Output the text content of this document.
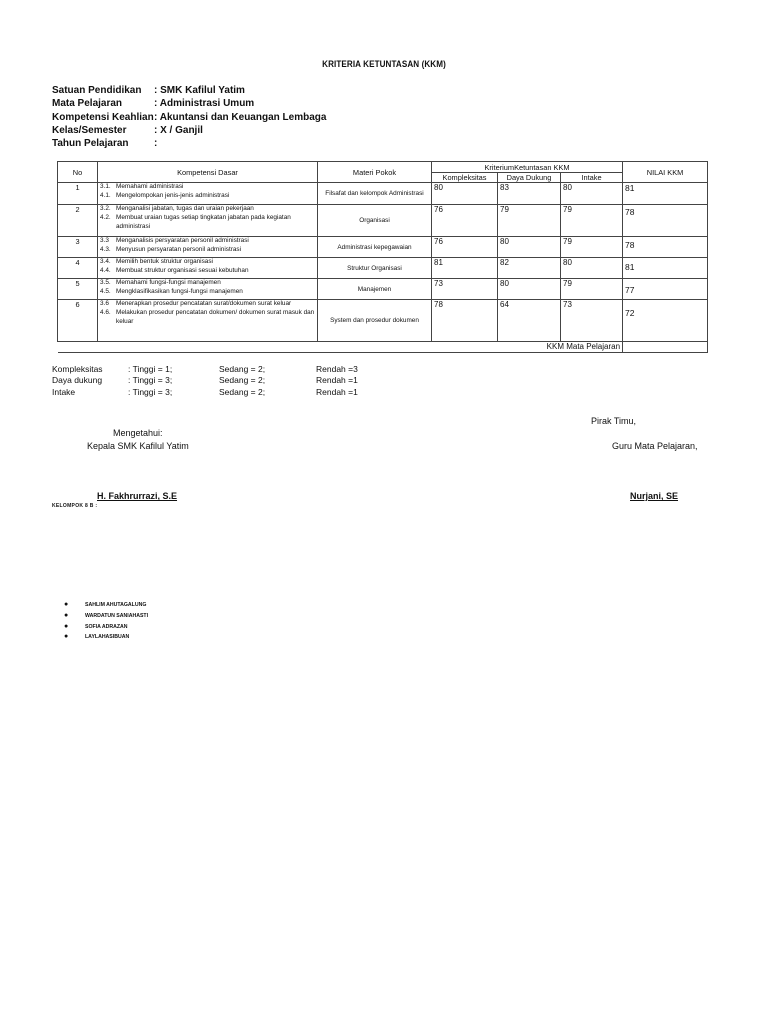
KRITERIA KETUNTASAN (KKM)
Satuan Pendidikan	: SMK Kafilul Yatim
Mata Pelajaran	: Administrasi Umum
Kompetensi Keahlian : Akuntansi dan Keuangan Lembaga
Kelas/Semester	: X / Ganjil
Tahun Pelajaran	:
No	Kompetensi Dasar	Materi Pokok	KriteriumKetuntasan KKM			NILAI KKM
			Kompleksitas	Daya Dukung	Intake	
1	3.1. Memahami administrasi
4.1. Mengelompokan jenis-jenis administrasi	Filsafat dan kelompok Administrasi	80	83	80	81

2	3.2. Menganalisi jabatan, tugas dan uraian pekerjaan
4.2. Membuat uraian tugas setiap tingkatan jabatan pada kegiatan administrasi	Organisasi	76	79	79	78

3	3.3 Menganalisis persyaratan personil administrasi
4.3. Menyusun persyaratan personil administrasi	Administrasi kepegawaian	76	80	79	78

4	3.4. Memilih bentuk struktur organisasi
4.4. Membuat struktur organisasi sesuai kebutuhan	Struktur Organisasi	81	82	80	81

5	3.5. Memahami fungsi-fungsi manajemen
4.5. Mengklasifikasikan fungsi-fungsi manajemen	Manajemen	73	80	79	77

6	3.6 Menerapkan prosedur pencatatan surat/dokumen surat keluar
4.6. Melakukan prosedur pencatatan dokumen/ dokumen surat masuk dan keluar	System dan prosedur dokumen	78	64	73	72

KKM Mata Pelajaran						
Kompleksitas	: Tinggi = 1;	Sedang = 2;	Rendah =3
Daya dukung	: Tinggi = 3;	Sedang = 2;	Rendah =1
Intake	: Tinggi = 3;	Sedang = 2;	Rendah =1
Pirak Timu,
Mengetahui:
Kepala SMK Kafilul Yatim	Guru Mata Pelajaran,
H. Fakhrurrazi, S.E	Nurjani, SE
KELOMPOK 8 B :
●	SAHLIM AHUTAGALUNG
●	WARDATUN SANIAHASTI
●	SOFIA ADRAZAN
●	LAYLAHASIBUAN
